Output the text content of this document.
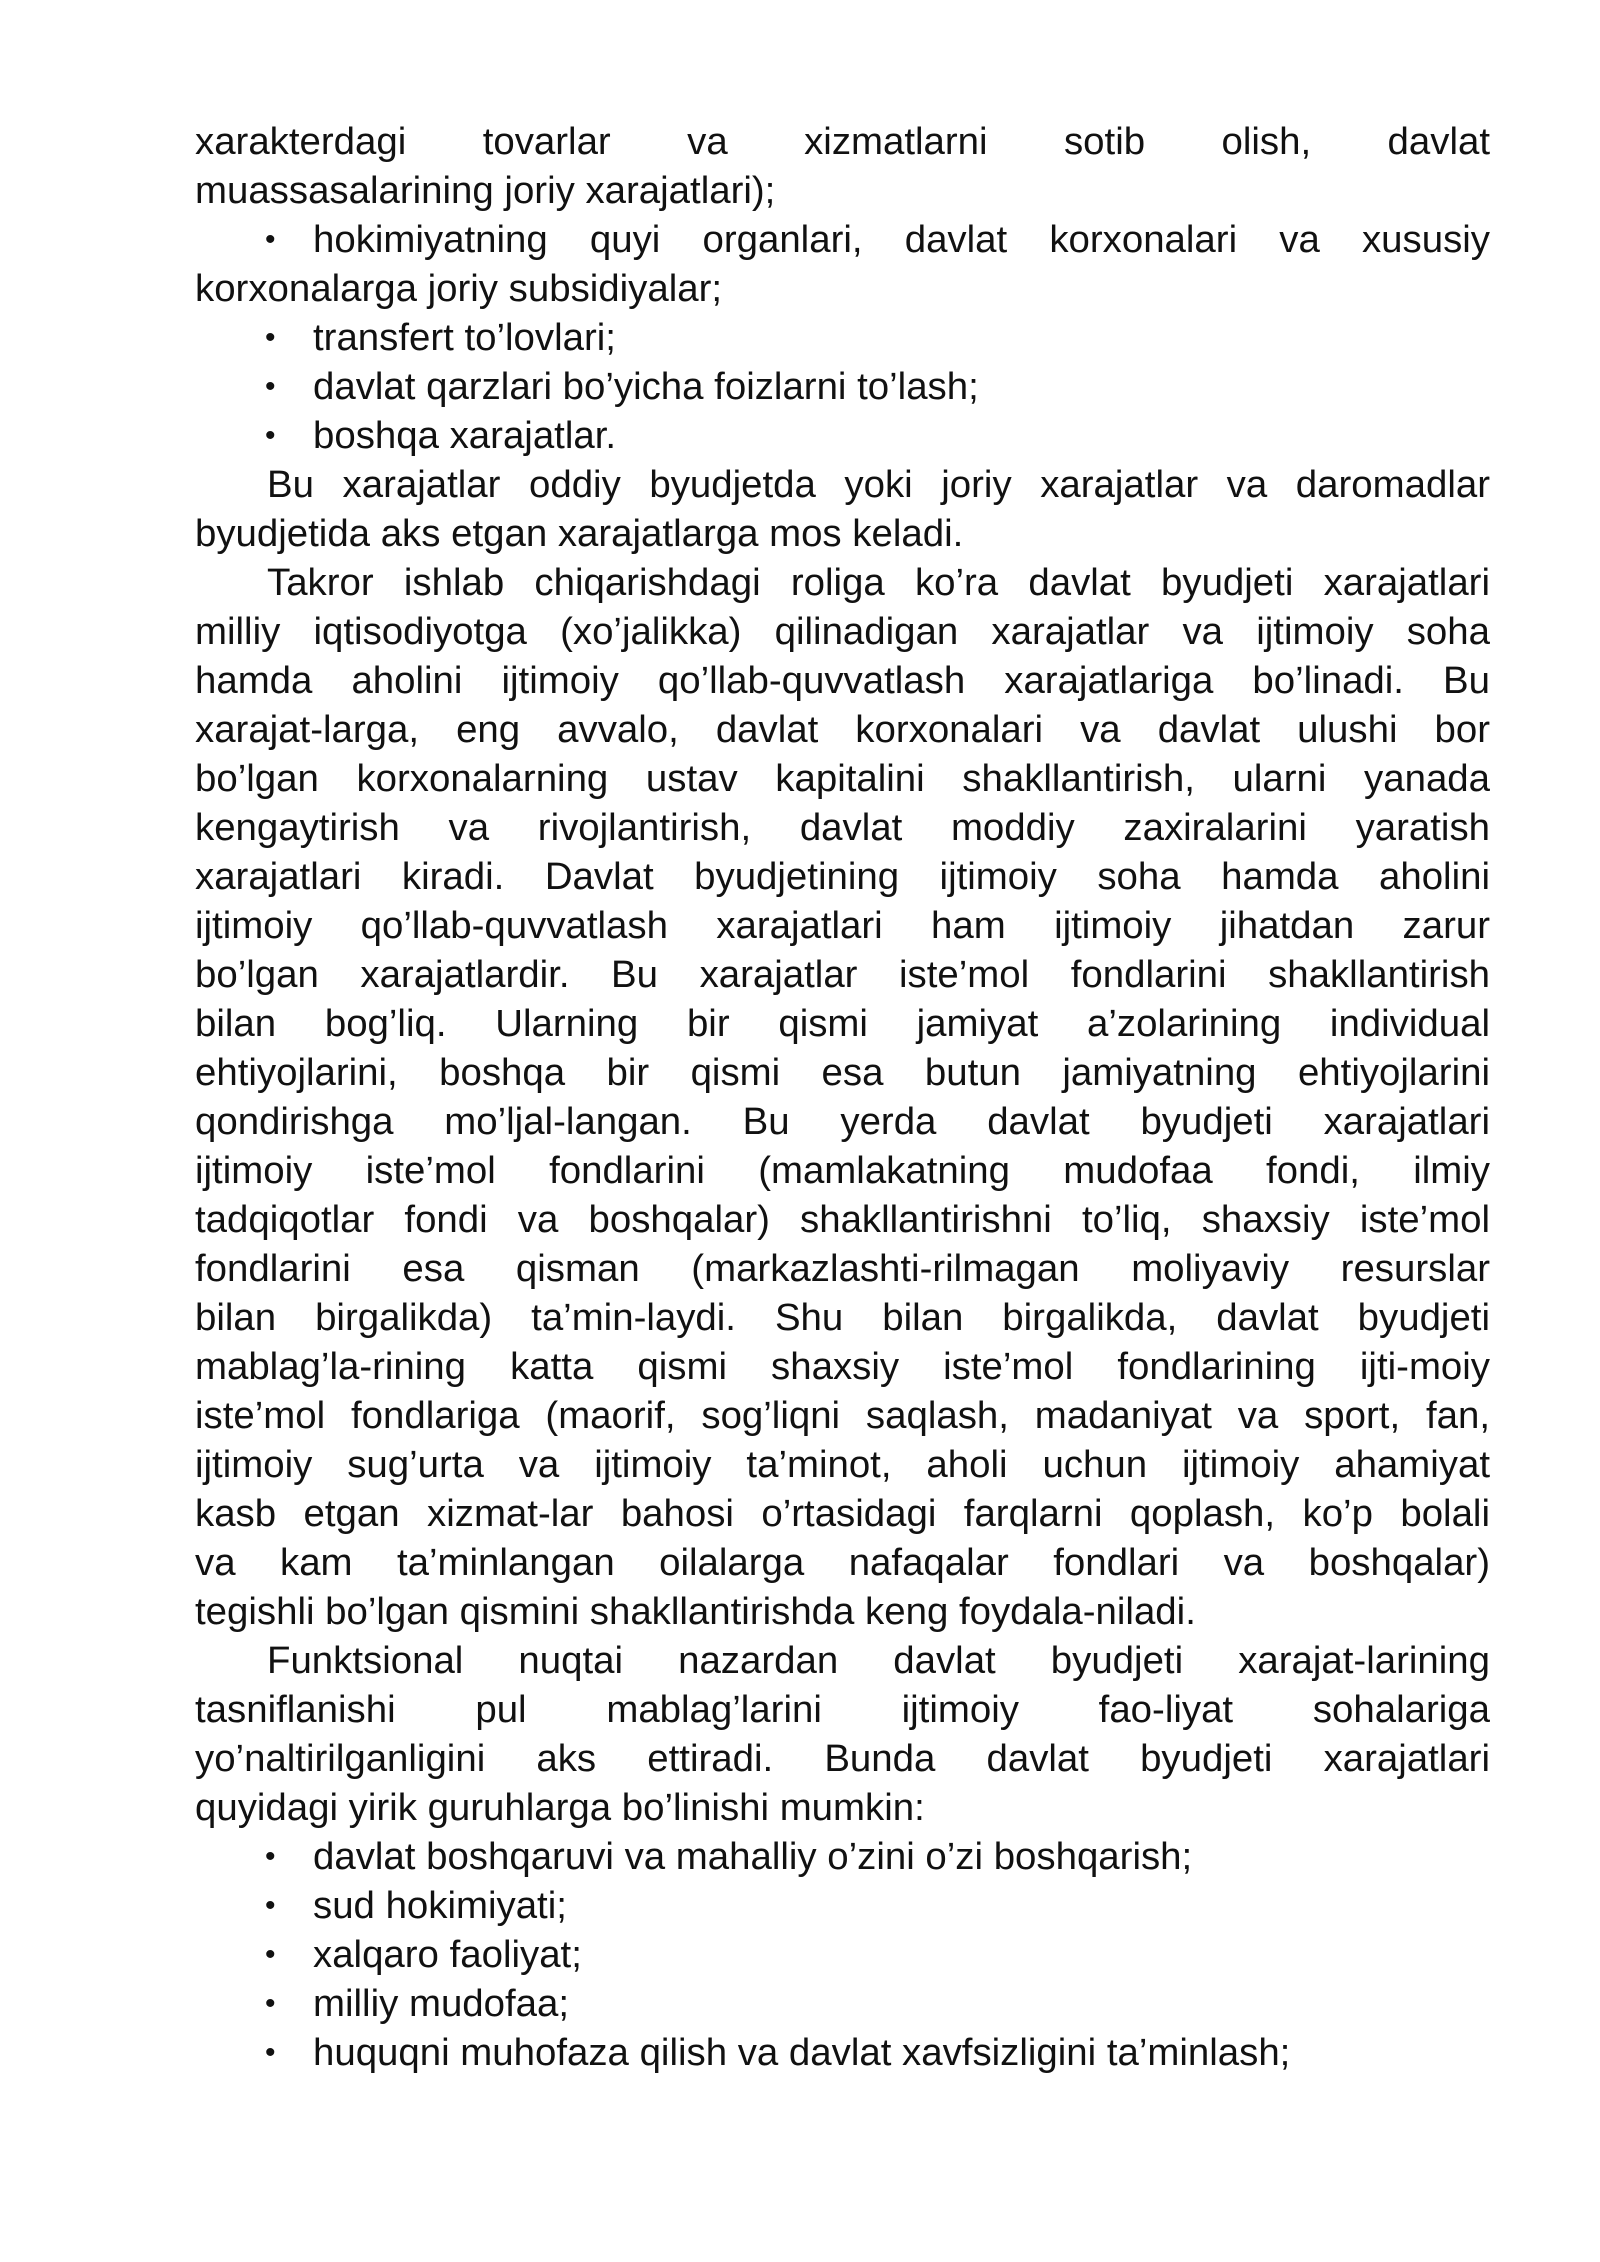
xarakterdagi tovarlar va xizmatlarni sotib olish, davlat
muassasalarining joriy xarajatlari);
• hokimiyatning quyi organlari, davlat korxonalari va xususiy
korxonalarga joriy subsidiyalar;
• transfert to’lovlari;
• davlat qarzlari bo’yicha foizlarni to’lash;
• boshqa xarajatlar.
Bu xarajatlar oddiy byudjetda yoki joriy xarajatlar va daromadlar
byudjetida aks etgan xarajatlarga mos keladi.
Takror ishlab chiqarishdagi roliga ko’ra davlat byudjeti xarajatlari
milliy iqtisodiyotga (xo’jalikka) qilinadigan xarajatlar va ijtimoiy soha
hamda aholini ijtimoiy qo’llab-quvvatlash xarajatlariga bo’linadi. Bu
xarajat-larga, eng avvalo, davlat korxonalari va davlat ulushi bor
bo’lgan korxonalarning ustav kapitalini shakllantirish, ularni yanada
kengaytirish va rivojlantirish, davlat moddiy zaxiralarini yaratish
xarajatlari kiradi. Davlat byudjetining ijtimoiy soha hamda aholini
ijtimoiy qo’llab-quvvatlash xarajatlari ham ijtimoiy jihatdan zarur
bo’lgan xarajatlardir. Bu xarajatlar iste’mol fondlarini shakllantirish
bilan bog’liq. Ularning bir qismi jamiyat a’zolarining individual
ehtiyojlarini, boshqa bir qismi esa butun jamiyatning ehtiyojlarini
qondirishga mo’ljal-langan. Bu yerda davlat byudjeti xarajatlari
ijtimoiy iste’mol fondlarini (mamlakatning mudofaa fondi, ilmiy
tadqiqotlar fondi va boshqalar) shakllantirishni to’liq, shaxsiy iste’mol
fondlarini esa qisman (markazlashti-rilmagan moliyaviy resurslar
bilan birgalikda) ta’min-laydi. Shu bilan birgalikda, davlat byudjeti
mablag’la-rining katta qismi shaxsiy iste’mol fondlarining ijti-moiy
iste’mol fondlariga (maorif, sog’liqni saqlash, madaniyat va sport, fan,
ijtimoiy sug’urta va ijtimoiy ta’minot, aholi uchun ijtimoiy ahamiyat
kasb etgan xizmat-lar bahosi o’rtasidagi farqlarni qoplash, ko’p bolali
va kam ta’minlangan oilalarga nafaqalar fondlari va boshqalar)
tegishli bo’lgan qismini shakllantirishda keng foydala-niladi.
Funktsional nuqtai nazardan davlat byudjeti xarajat-larining
tasniflanishi pul mablag’larini ijtimoiy fao-liyat sohalariga
yo’naltirilganligini aks ettiradi. Bunda davlat byudjeti xarajatlari
quyidagi yirik guruhlarga bo’linishi mumkin:
• davlat boshqaruvi va mahalliy o’zini o’zi boshqarish;
• sud hokimiyati;
• xalqaro faoliyat;
• milliy mudofaa;
• huquqni muhofaza qilish va davlat xavfsizligini ta’minlash;
